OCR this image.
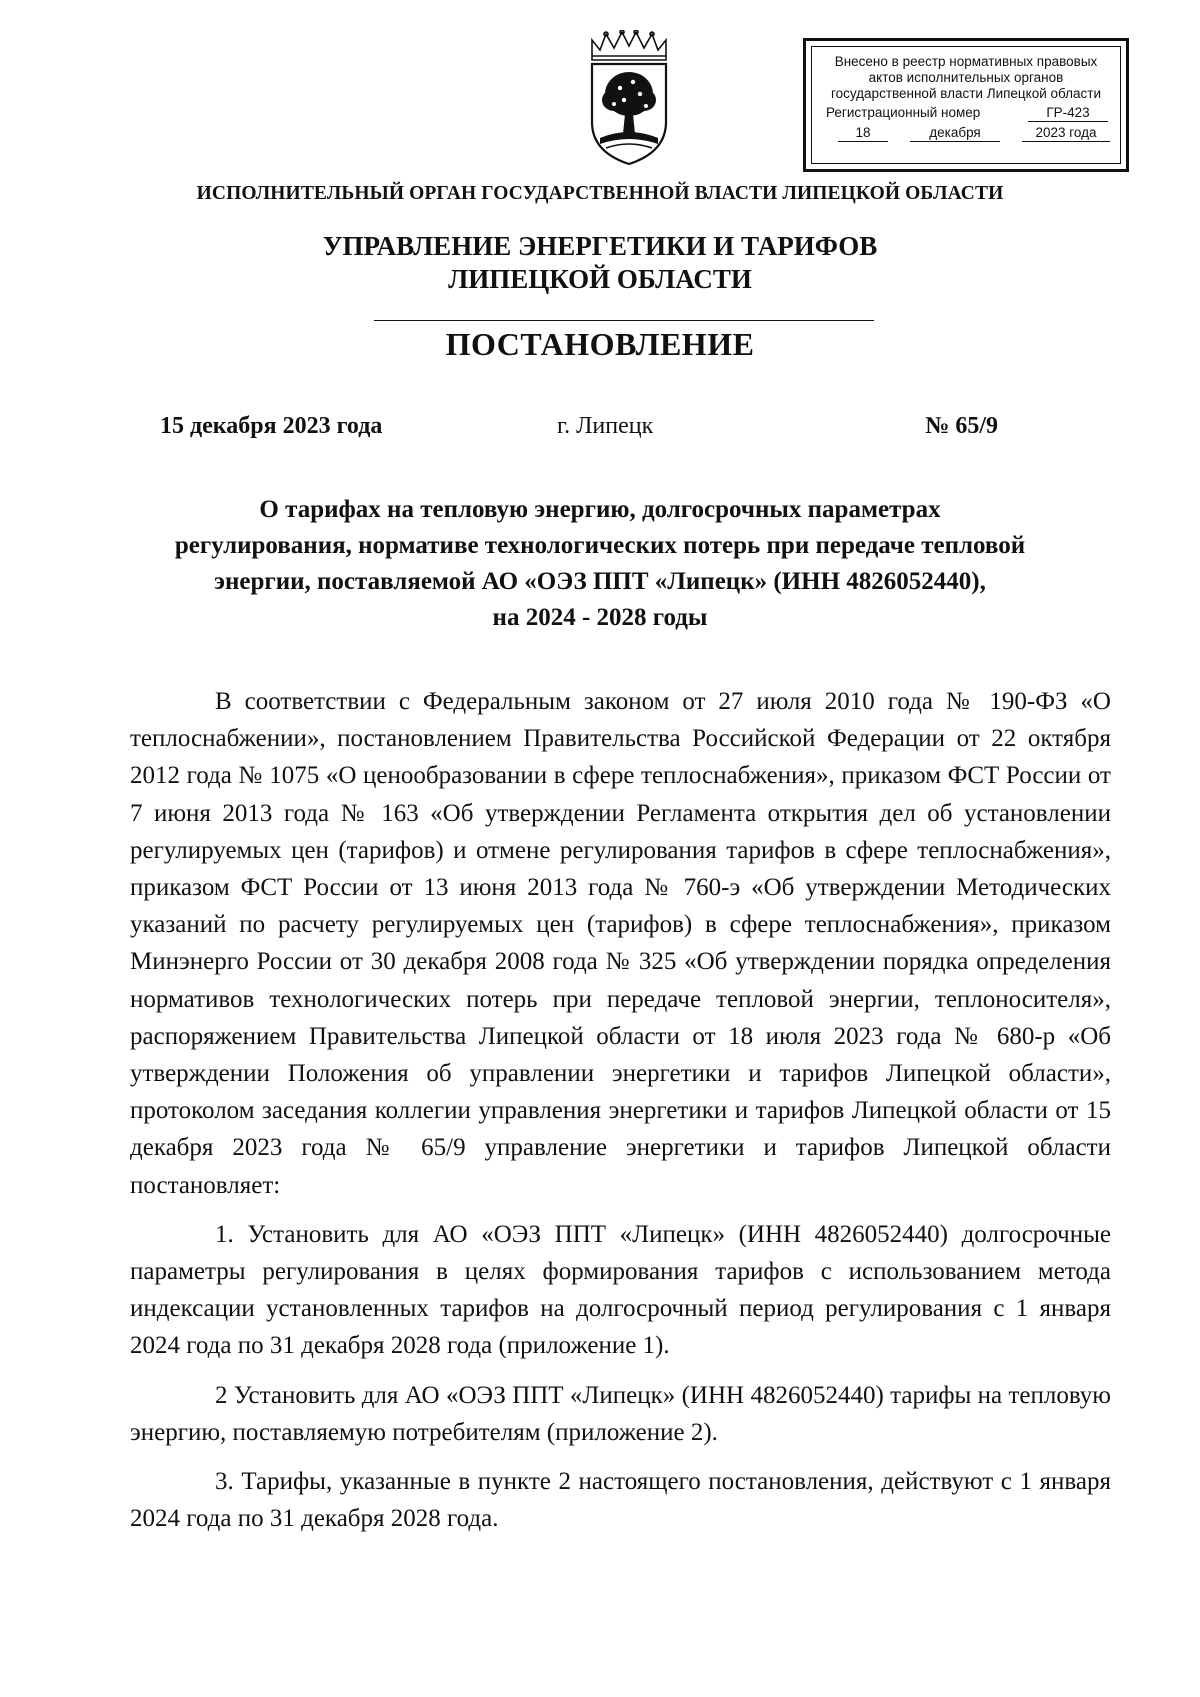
Внесено в реестр нормативных правовых
актов исполнительных органов
государственной власти Липецкой области
Регистрационный номер	ГР-423
18	декабря	2023 года
ИСПОЛНИТЕЛЬНЫЙ ОРГАН ГОСУДАРСТВЕННОЙ ВЛАСТИ ЛИПЕЦКОЙ ОБЛАСТИ
УПРАВЛЕНИЕ ЭНЕРГЕТИКИ И ТАРИФОВ
ЛИПЕЦКОЙ ОБЛАСТИ
ПОСТАНОВЛЕНИЕ
15 декабря 2023 года	г. Липецк	№ 65/9
О тарифах на тепловую энергию, долгосрочных параметрах
регулирования, нормативе технологических потерь при передаче тепловой
энергии, поставляемой АО «ОЭЗ ППТ «Липецк» (ИНН 4826052440),
на 2024 - 2028 годы

В соответствии с Федеральным законом от 27 июля 2010 года № 190-ФЗ «О теплоснабжении», постановлением Правительства Российской Федерации от 22 октября 2012 года № 1075 «О ценообразовании в сфере теплоснабжения», приказом ФСТ России от 7 июня 2013 года № 163 «Об утверждении Регламента открытия дел об установлении регулируемых цен (тарифов) и отмене регулирования тарифов в сфере теплоснабжения», приказом ФСТ России от 13 июня 2013 года № 760-э «Об утверждении Методических указаний по расчету регулируемых цен (тарифов) в сфере теплоснабжения», приказом Минэнерго России от 30 декабря 2008 года № 325 «Об утверждении порядка определения нормативов технологических потерь при передаче тепловой энергии, теплоносителя», распоряжением Правительства Липецкой области от 18 июля 2023 года № 680-р «Об утверждении Положения об управлении энергетики и тарифов Липецкой области», протоколом заседания коллегии управления энергетики и тарифов Липецкой области от 15 декабря 2023 года № 65/9 управление энергетики и тарифов Липецкой области постановляет:

1. Установить для АО «ОЭЗ ППТ «Липецк» (ИНН 4826052440) долгосрочные параметры регулирования в целях формирования тарифов с использованием метода индексации установленных тарифов на долгосрочный период регулирования с 1 января 2024 года по 31 декабря 2028 года (приложение 1).

2 Установить для АО «ОЭЗ ППТ «Липецк» (ИНН 4826052440) тарифы на тепловую энергию, поставляемую потребителям (приложение 2).

3. Тарифы, указанные в пункте 2 настоящего постановления, действуют с 1 января 2024 года по 31 декабря 2028 года.
